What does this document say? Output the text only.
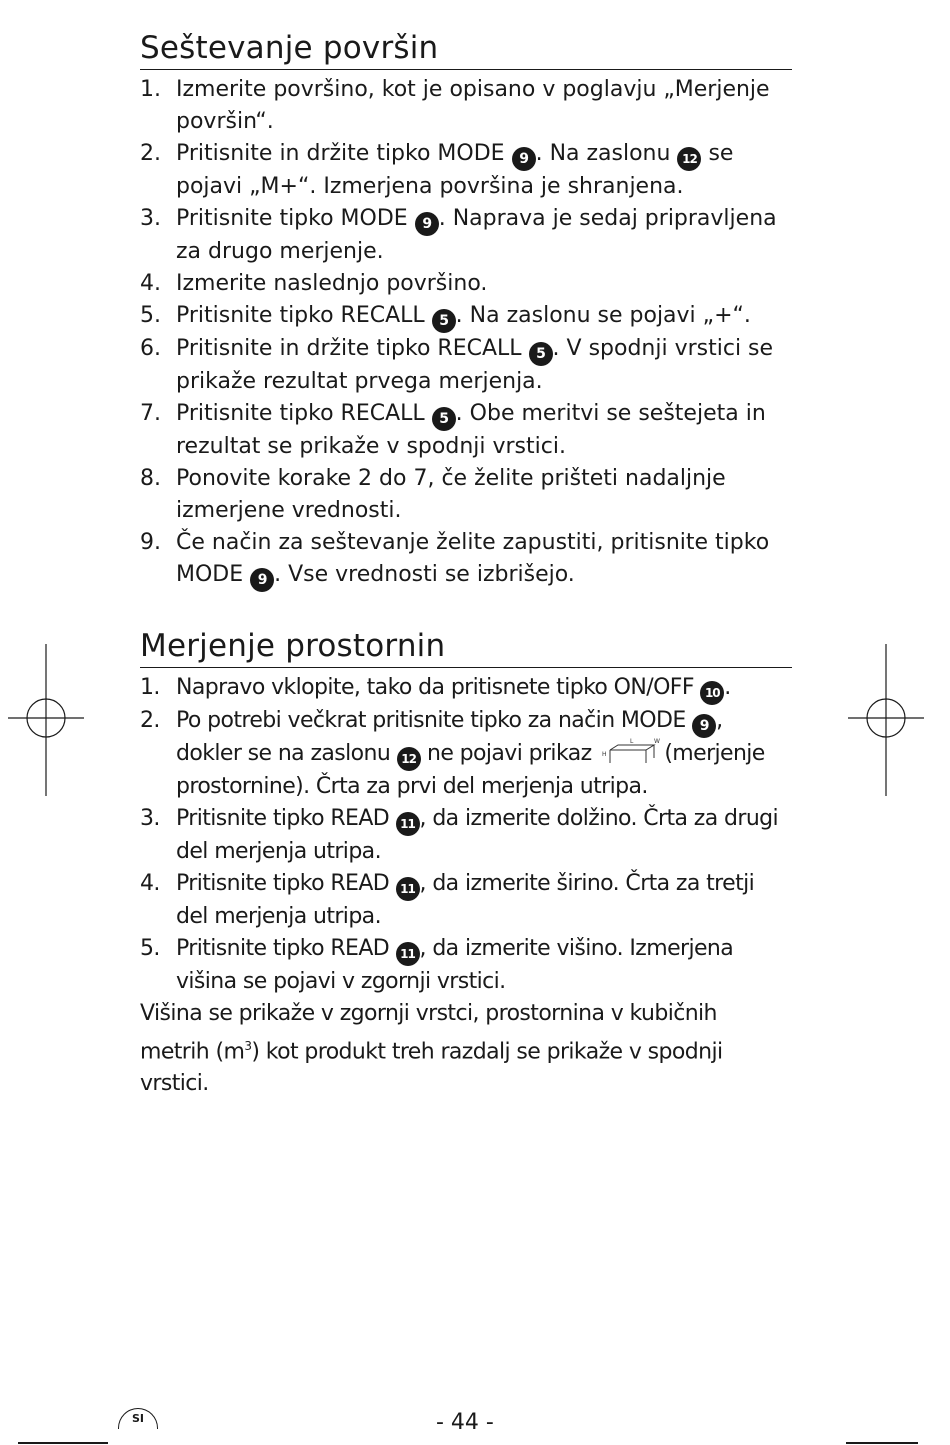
Seštevanje površin
1. Izmerite površino, kot je opisano v poglavju „Merjenje površin“.
2. Pritisnite in držite tipko MODE 9 . Na zaslonu 12 se pojavi „M+“. Izmerjena površina je shranjena.
3. Pritisnite tipko MODE 9 . Naprava je sedaj pripravljena za drugo merjenje.
4. Izmerite naslednjo površino.
5. Pritisnite tipko RECALL 5 . Na zaslonu se pojavi „+“.
6. Pritisnite in držite tipko RECALL 5 . V spodnji vrstici se prikaže rezultat prvega merjenja.
7. Pritisnite tipko RECALL 5 . Obe meritvi se seštejeta in rezultat se prikaže v spodnji vrstici.
8. Ponovite korake 2 do 7, če želite prišteti nadaljnje izmerjene vrednosti.
9. Če način za seštevanje želite zapustiti, pritisnite tipko MODE 9 . Vse vrednosti se izbrišejo.
Merjenje prostornin
1. Napravo vklopite, tako da pritisnete tipko ON/OFF 10 .
2. Po potrebi večkrat pritisnite tipko za način MODE 9 , dokler se na zaslonu 12 ne pojavi prikaz	L	W
H (merjenje prostornine). Črta za prvi del merjenja utripa.
3. Pritisnite tipko READ 11 , da izmerite dolžino. Črta za drugi del merjenja utripa.
4. Pritisnite tipko READ 11 , da izmerite širino. Črta za tretji del merjenja utripa.
5. Pritisnite tipko READ 11 , da izmerite višino. Izmerjena višina se pojavi v zgornji vrstici.

Višina se prikaže v zgornji vrstci, prostornina v kubičnih metrih $(m^3)$ kot produkt treh razdalj se prikaže v spodnji vrstici.

SI	- 44 -
